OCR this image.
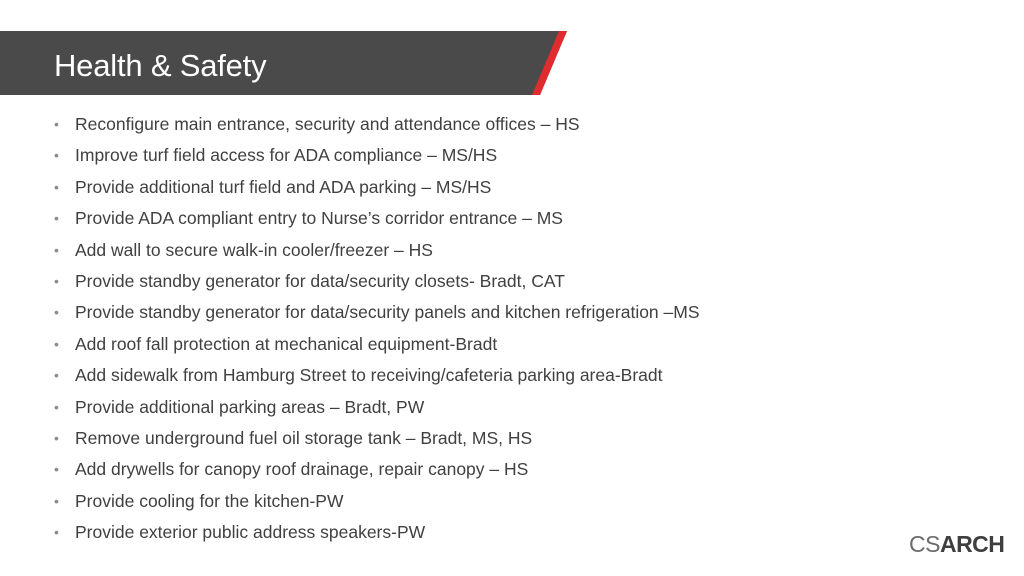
Health & Safety
• Reconfigure main entrance, security and attendance offices – HS
• Improve turf field access for ADA compliance – MS/HS
• Provide additional turf field and ADA parking – MS/HS
• Provide ADA compliant entry to Nurse’s corridor entrance – MS
• Add wall to secure walk-in cooler/freezer – HS
• Provide standby generator for data/security closets- Bradt, CAT
• Provide standby generator for data/security panels and kitchen refrigeration –MS
• Add roof fall protection at mechanical equipment-Bradt
• Add sidewalk from Hamburg Street to receiving/cafeteria parking area-Bradt
• Provide additional parking areas – Bradt, PW
• Remove underground fuel oil storage tank – Bradt, MS, HS
• Add drywells for canopy roof drainage, repair canopy – HS
• Provide cooling for the kitchen-PW
• Provide exterior public address speakers-PW	CSARCH
